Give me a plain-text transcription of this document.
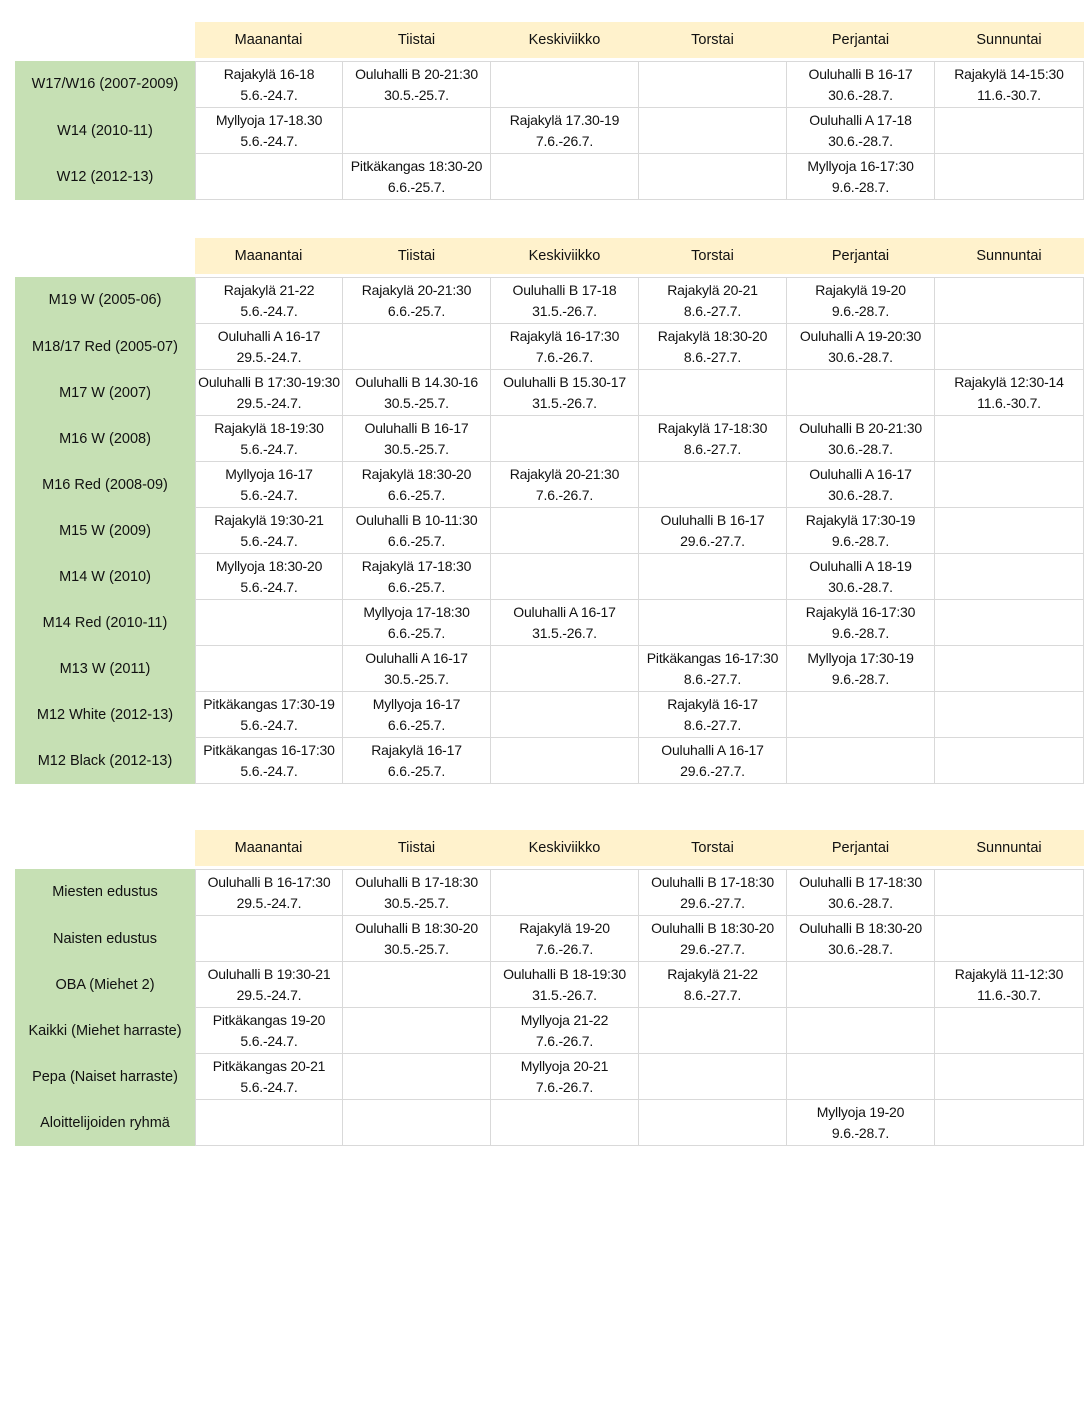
	Maanantai	Tiistai	Keskiviikko	Torstai	Perjantai	Sunnuntai

W17/W16 (2007-2009)	Rajakylä 16-18 5.6.-24.7.	Ouluhalli B 20-21:30 30.5.-25.7.			Ouluhalli B 16-17 30.6.-28.7.	Rajakylä 14-15:30 11.6.-30.7.
W14 (2010-11)	Myllyoja 17-18.30 5.6.-24.7.		Rajakylä 17.30-19 7.6.-26.7.		Ouluhalli A 17-18 30.6.-28.7.	
W12 (2012-13)		Pitkäkangas 18:30-20 6.6.-25.7.			Myllyoja 16-17:30 9.6.-28.7.	
	Maanantai	Tiistai	Keskiviikko	Torstai	Perjantai	Sunnuntai

M19 W (2005-06)	Rajakylä 21-22 5.6.-24.7.	Rajakylä 20-21:30 6.6.-25.7.	Ouluhalli B 17-18 31.5.-26.7.	Rajakylä 20-21 8.6.-27.7.	Rajakylä 19-20 9.6.-28.7.	
M18/17 Red (2005-07)	Ouluhalli A 16-17 29.5.-24.7.		Rajakylä 16-17:30 7.6.-26.7.	Rajakylä 18:30-20 8.6.-27.7.	Ouluhalli A 19-20:30 30.6.-28.7.	
M17 W (2007)	Ouluhalli B 17:30-19:30 29.5.-24.7.	Ouluhalli B 14.30-16 30.5.-25.7.	Ouluhalli B 15.30-17 31.5.-26.7.			Rajakylä 12:30-14 11.6.-30.7.
M16 W (2008)	Rajakylä 18-19:30 5.6.-24.7.	Ouluhalli B 16-17 30.5.-25.7.		Rajakylä 17-18:30 8.6.-27.7.	Ouluhalli B 20-21:30 30.6.-28.7.	
M16 Red (2008-09)	Myllyoja 16-17 5.6.-24.7.	Rajakylä 18:30-20 6.6.-25.7.	Rajakylä 20-21:30 7.6.-26.7.		Ouluhalli A 16-17 30.6.-28.7.	
M15 W (2009)	Rajakylä 19:30-21 5.6.-24.7.	Ouluhalli B 10-11:30 6.6.-25.7.		Ouluhalli B 16-17 29.6.-27.7.	Rajakylä 17:30-19 9.6.-28.7.	
M14 W (2010)	Myllyoja 18:30-20 5.6.-24.7.	Rajakylä 17-18:30 6.6.-25.7.			Ouluhalli A 18-19 30.6.-28.7.	
M14 Red (2010-11)		Myllyoja 17-18:30 6.6.-25.7.	Ouluhalli A 16-17 31.5.-26.7.		Rajakylä 16-17:30 9.6.-28.7.	
M13 W (2011)		Ouluhalli A 16-17 30.5.-25.7.		Pitkäkangas 16-17:30 8.6.-27.7.	Myllyoja 17:30-19 9.6.-28.7.	
M12 White (2012-13)	Pitkäkangas 17:30-19 5.6.-24.7.	Myllyoja 16-17 6.6.-25.7.		Rajakylä 16-17 8.6.-27.7.		
M12 Black (2012-13)	Pitkäkangas 16-17:30 5.6.-24.7.	Rajakylä 16-17 6.6.-25.7.		Ouluhalli A 16-17 29.6.-27.7.		
	Maanantai	Tiistai	Keskiviikko	Torstai	Perjantai	Sunnuntai

Miesten edustus	Ouluhalli B 16-17:30 29.5.-24.7.	Ouluhalli B 17-18:30 30.5.-25.7.		Ouluhalli B 17-18:30 29.6.-27.7.	Ouluhalli B 17-18:30 30.6.-28.7.	
Naisten edustus		Ouluhalli B 18:30-20 30.5.-25.7.	Rajakylä 19-20 7.6.-26.7.	Ouluhalli B 18:30-20 29.6.-27.7.	Ouluhalli B 18:30-20 30.6.-28.7.	
OBA (Miehet 2)	Ouluhalli B 19:30-21 29.5.-24.7.		Ouluhalli B 18-19:30 31.5.-26.7.	Rajakylä 21-22 8.6.-27.7.		Rajakylä 11-12:30 11.6.-30.7.
Kaikki (Miehet harraste)	Pitkäkangas 19-20 5.6.-24.7.		Myllyoja 21-22 7.6.-26.7.			
Pepa (Naiset harraste)	Pitkäkangas 20-21 5.6.-24.7.		Myllyoja 20-21 7.6.-26.7.			
Aloittelijoiden ryhmä					Myllyoja 19-20 9.6.-28.7.	
